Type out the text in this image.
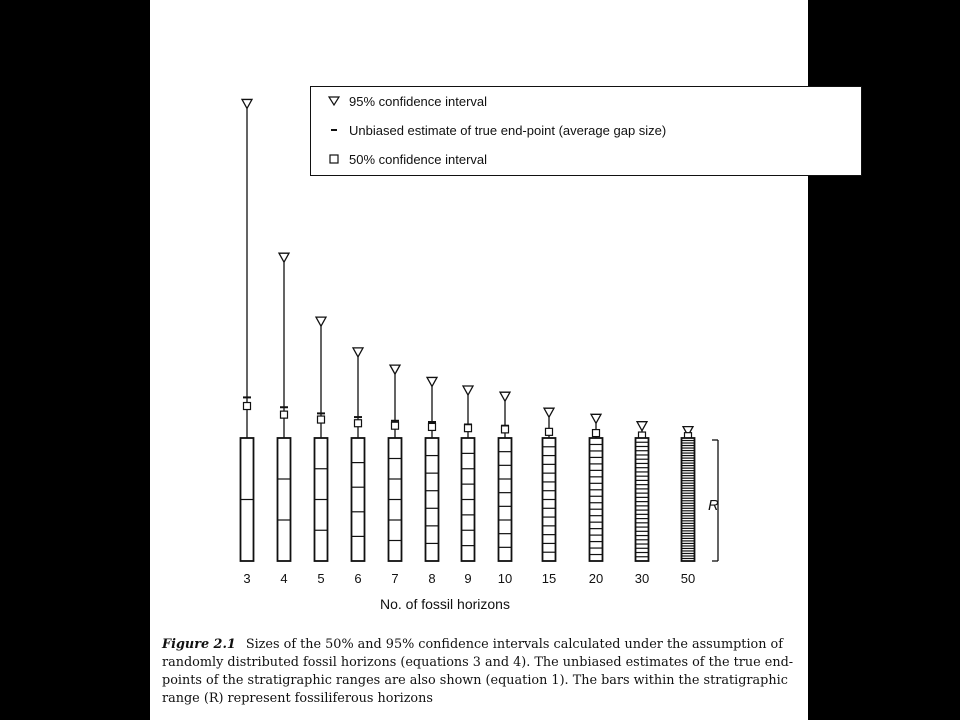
3 4 5 6 7 8 9 10 15	20 30 50
R
95% confidence interval
Unbiased estimate of true end-point (average gap size)
50% confidence interval
No. of fossil horizons
Figure 2.1 Sizes of the 50% and 95% confidence intervals calculated under the assumption of randomly distributed fossil horizons (equations 3 and 4). The unbiased estimates of the true end-points of the stratigraphic ranges are also shown (equation 1). The bars within the stratigraphic range (R) represent fossiliferous horizons
